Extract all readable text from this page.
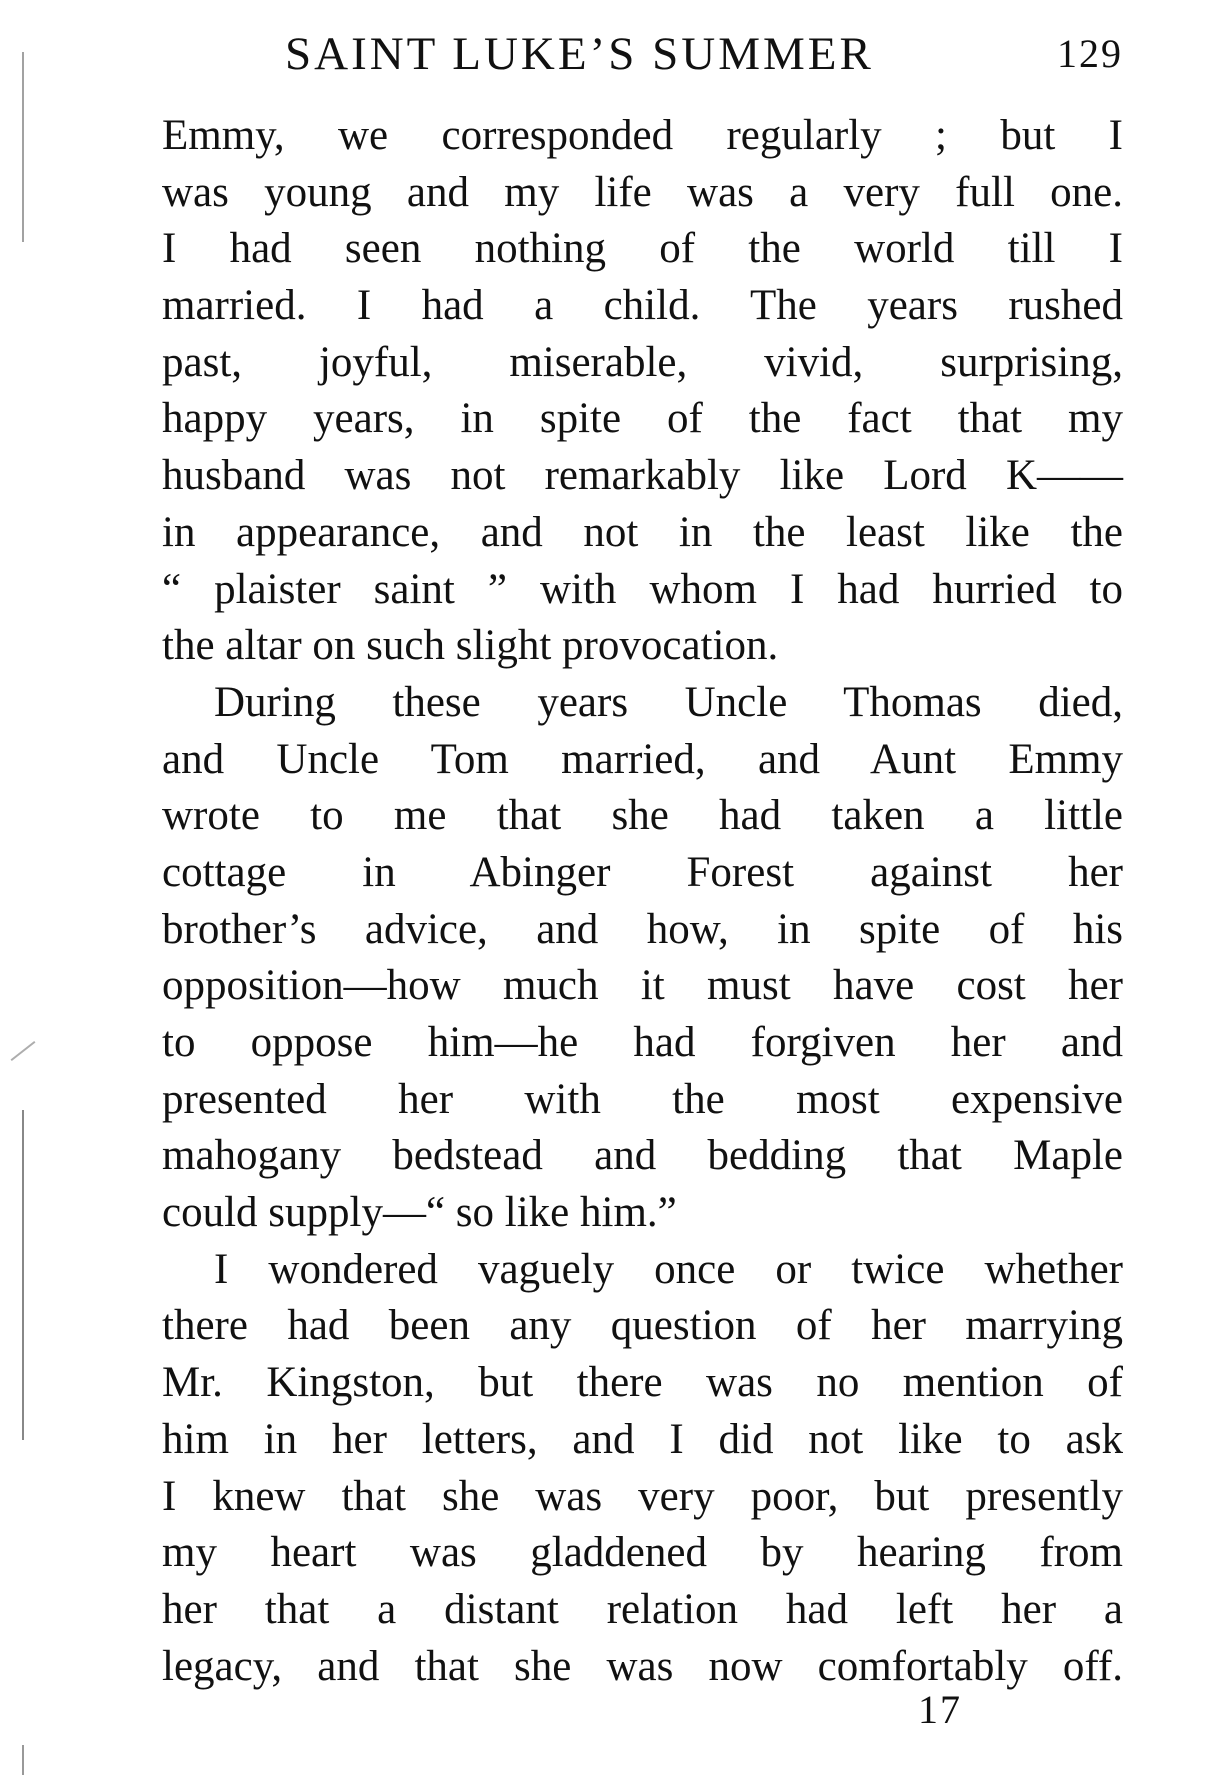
SAINT LUKE’S SUMMER	129
Emmy, we corresponded regularly ; but I
was young and my life was a very full one.
I had seen nothing of the world till I
married. I had a child. The years rushed
past, joyful, miserable, vivid, surprising,
happy years, in spite of the fact that my
husband was not remarkably like Lord K——
in appearance, and not in the least like the
“ plaister saint ” with whom I had hurried to
the altar on such slight provocation.
During these years Uncle Thomas died,
and Uncle Tom married, and Aunt Emmy
wrote to me that she had taken a little
cottage in Abinger Forest against her
brother’s advice, and how, in spite of his
opposition—how much it must have cost her
to oppose him—he had forgiven her and
presented her with the most expensive
mahogany bedstead and bedding that Maple
could supply—“ so like him.”
I wondered vaguely once or twice whether
there had been any question of her marrying
Mr. Kingston, but there was no mention of
him in her letters, and I did not like to ask
I knew that she was very poor, but presently
my heart was gladdened by hearing from
her that a distant relation had left her a
legacy, and that she was now comfortably off.
17
